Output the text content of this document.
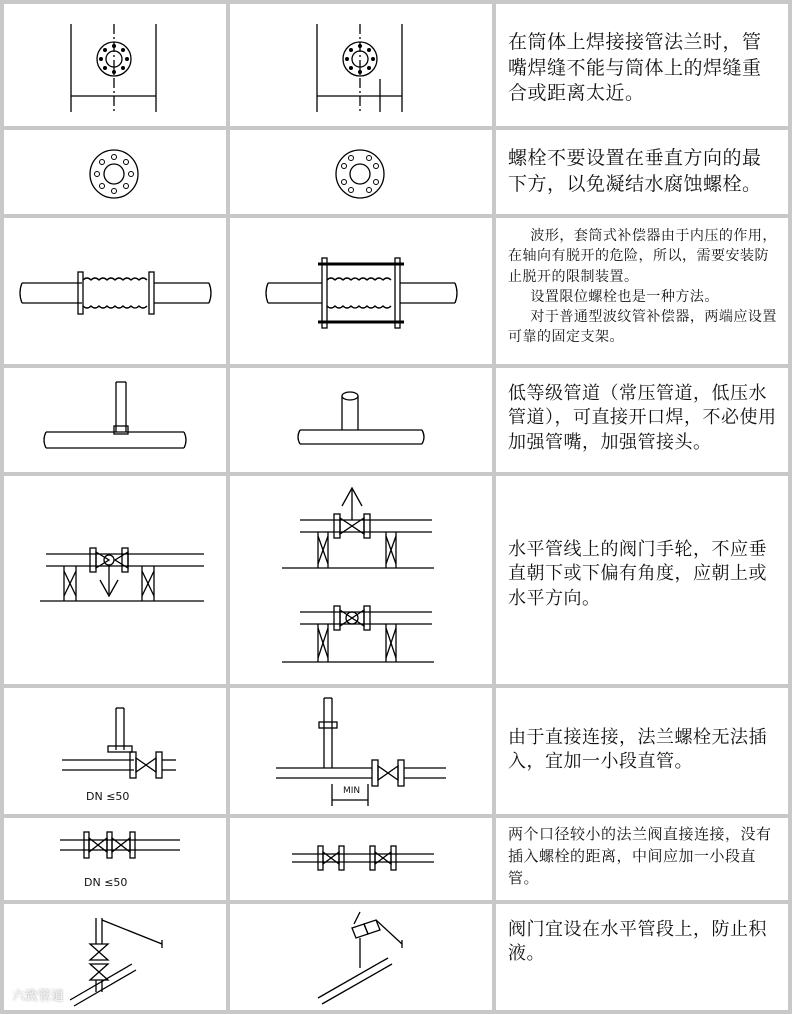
在筒体上焊接接管法兰时，管嘴焊缝不能与筒体上的焊缝重合或距离太近。
螺栓不要设置在垂直方向的最下方，以免凝结水腐蚀螺栓。

波形，套筒式补偿器由于内压的作用，在轴向有脱开的危险，所以，需要安装防止脱开的限制装置。

设置限位螺栓也是一种方法。

对于普通型波纹管补偿器，两端应设置可靠的固定支架。

低等级管道（常压管道，低压水管道），可直接开口焊，不必使用加强管嘴，加强管接头。
水平管线上的阀门手轮，不应垂直朝下或下偏有角度，应朝上或水平方向。
DN ≤50	MIN
由于直接连接，法兰螺栓无法插入，宜加一小段直管。
DN ≤50
两个口径较小的法兰阀直接连接，没有插入螺栓的距离，中间应加一小段直管。
六致管道
阀门宜设在水平管段上，防止积液。
